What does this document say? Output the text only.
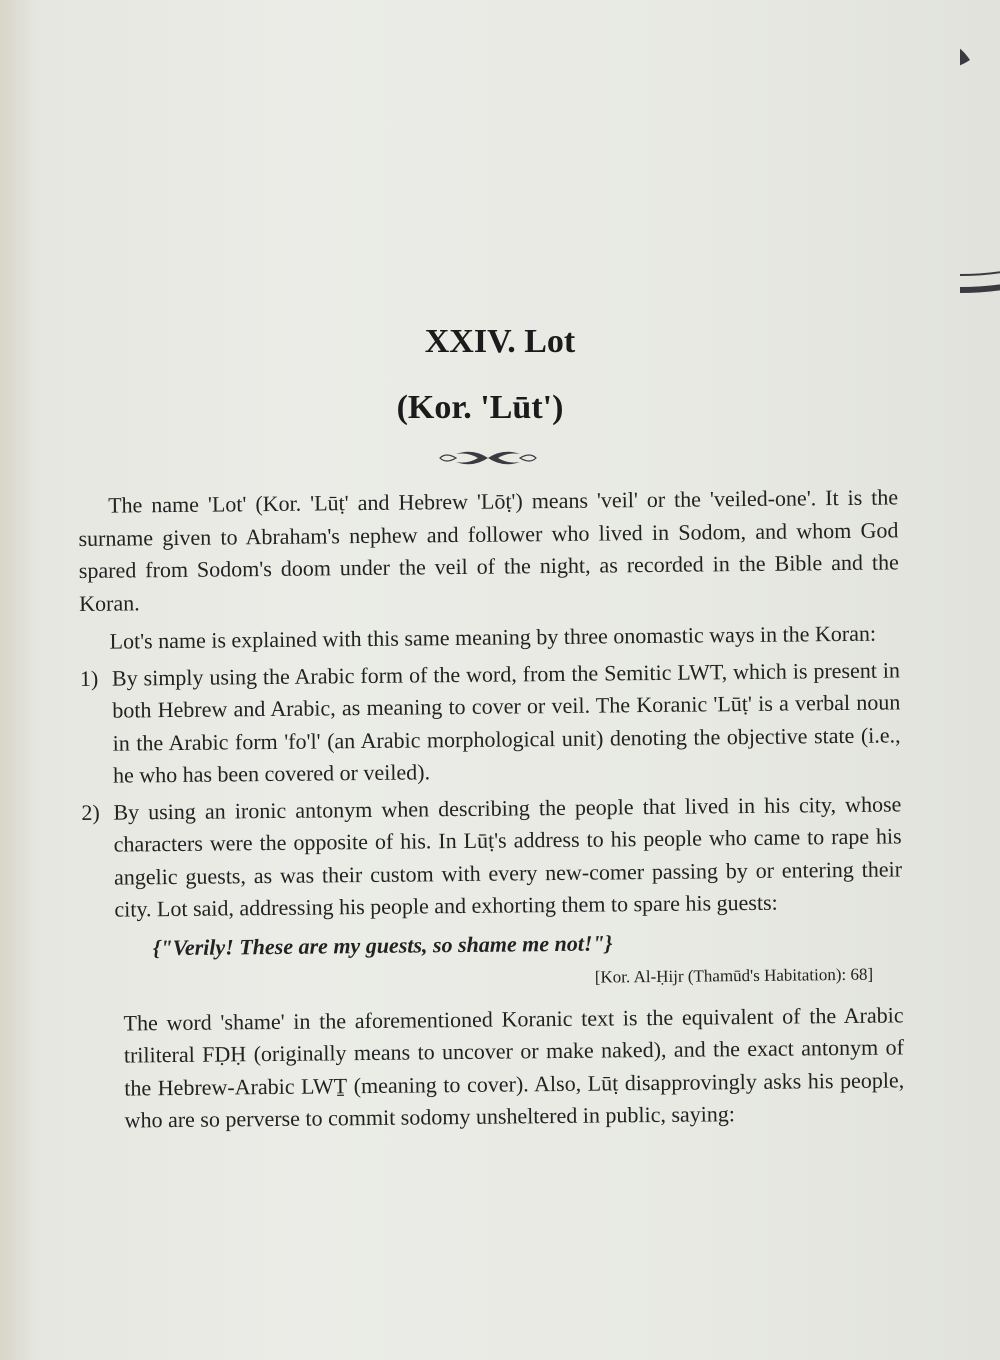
XXIV. Lot
(Kor. 'Lūt')

The name 'Lot' (Kor. 'Lūṭ' and Hebrew 'Lōṭ') means 'veil' or the 'veiled-one'. It is the surname given to Abraham's nephew and follower who lived in Sodom, and whom God spared from Sodom's doom under the veil of the night, as recorded in the Bible and the Koran.

Lot's name is explained with this same meaning by three onomastic ways in the Koran:

1) By simply using the Arabic form of the word, from the Semitic LWT, which is present in both Hebrew and Arabic, as meaning to cover or veil. The Koranic 'Lūṭ' is a verbal noun in the Arabic form 'fo'l' (an Arabic morphological unit) denoting the objective state (i.e., he who has been covered or veiled).
2) By using an ironic antonym when describing the people that lived in his city, whose characters were the opposite of his. In Lūṭ's address to his people who came to rape his angelic guests, as was their custom with every new-comer passing by or entering their city. Lot said, addressing his people and exhorting them to spare his guests:
{"Verily! These are my guests, so shame me not!"}
[Kor. Al-Ḥijr (Thamūd's Habitation): 68]

The word 'shame' in the aforementioned Koranic text is the equivalent of the Arabic triliteral FḌḤ (originally means to uncover or make naked), and the exact antonym of the Hebrew-Arabic LWṮ (meaning to cover). Also, Lūṭ disapprovingly asks his people, who are so perverse to commit sodomy unsheltered in public, saying:
